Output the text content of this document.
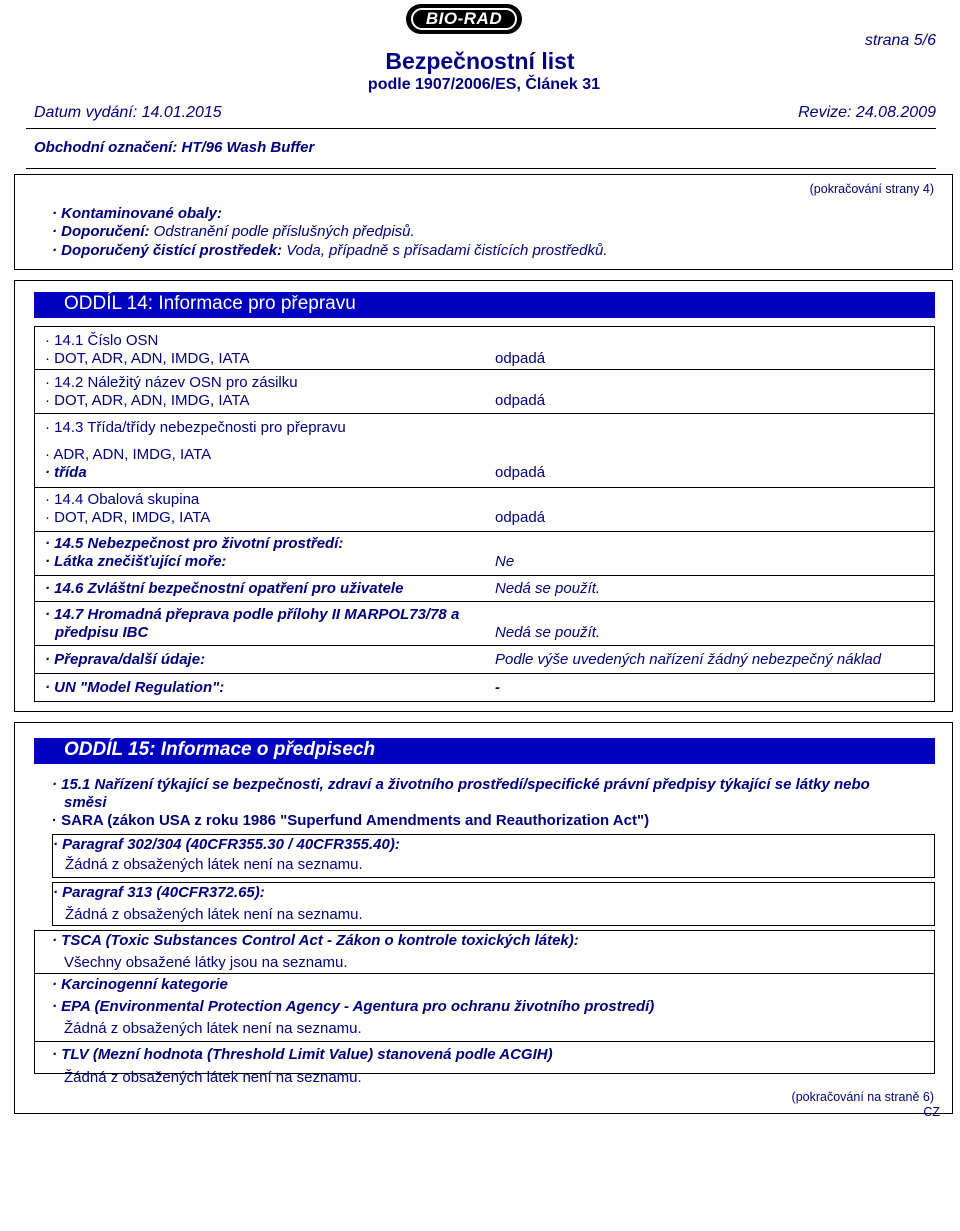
BIO-RAD
strana 5/6
Bezpečnostní list
podle 1907/2006/ES, Článek 31
Datum vydání: 14.01.2015	Revize: 24.08.2009
Obchodní označení: HT/96 Wash Buffer
(pokračování strany 4)
· Kontaminované obaly:
· Doporučení: Odstranění podle příslušných předpisů.
· Doporučený čistící prostředek: Voda, případně s přísadami čistících prostředků.
ODDÍL 14: Informace pro přepravu
· 14.1 Číslo OSN
· DOT, ADR, ADN, IMDG, IATA	odpadá
· 14.2 Náležitý název OSN pro zásilku
· DOT, ADR, ADN, IMDG, IATA	odpadá
· 14.3 Třída/třídy nebezpečnosti pro přepravu
· ADR, ADN, IMDG, IATA
· třída	odpadá
· 14.4 Obalová skupina
· DOT, ADR, IMDG, IATA	odpadá
· 14.5 Nebezpečnost pro životní prostředí:
· Látka znečišťující moře:	Ne
· 14.6 Zvláštní bezpečnostní opatření pro uživatele	Nedá se použít.
· 14.7 Hromadná přeprava podle přílohy II MARPOL73/78 a
předpisu IBC	Nedá se použít.
· Přeprava/další údaje:	Podle výše uvedených nařízení žádný nebezpečný náklad
· UN "Model Regulation":	-
ODDÍL 15: Informace o předpisech
· 15.1 Nařízení týkající se bezpečnosti, zdraví a životního prostředí/specifické právní předpisy týkající se látky nebo
směsi
· SARA (zákon USA z roku 1986 "Superfund Amendments and Reauthorization Act")
· Paragraf 302/304 (40CFR355.30 / 40CFR355.40):
Žádná z obsažených látek není na seznamu.
· Paragraf 313 (40CFR372.65):
Žádná z obsažených látek není na seznamu.
· TSCA (Toxic Substances Control Act - Zákon o kontrole toxických látek):
Všechny obsažené látky jsou na seznamu.
· Karcinogenní kategorie
· EPA (Environmental Protection Agency - Agentura pro ochranu životního prostredí)
Žádná z obsažených látek není na seznamu.
· TLV (Mezní hodnota (Threshold Limit Value) stanovená podle ACGIH)
Žádná z obsažených látek není na seznamu.
(pokračování na straně 6)
CZ
